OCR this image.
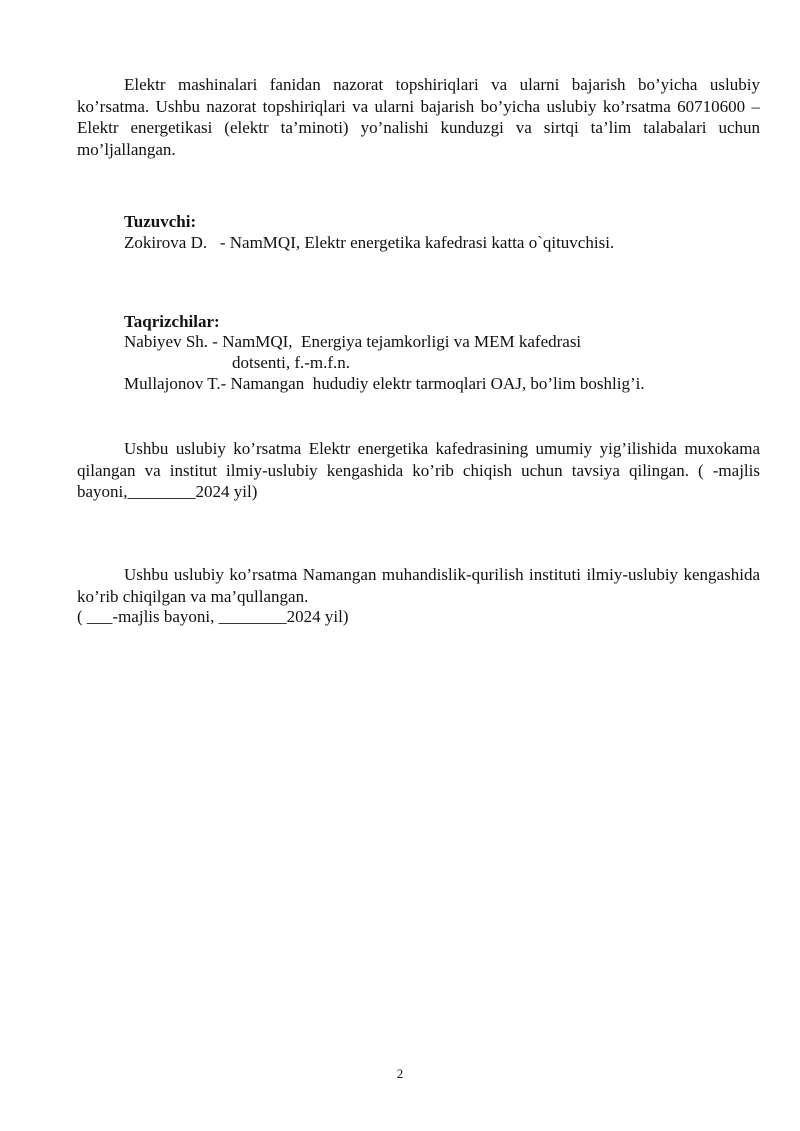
Elektr mashinalari fanidan nazorat topshiriqlari va ularni bajarish bo’yicha uslubiy ko’rsatma. Ushbu nazorat topshiriqlari va ularni bajarish bo’yicha uslubiy ko’rsatma 60710600 –Elektr energetikasi (elektr ta’minoti) yo’nalishi kunduzgi va sirtqi ta’lim talabalari uchun mo’ljallangan.

Tuzuvchi:
Zokirova D.   - NamMQI, Elektr energetika kafedrasi katta o`qituvchisi.
Taqrizchilar:
Nabiyev Sh. - NamMQI,  Energiya tejamkorligi va MEM kafedrasi
dotsenti, f.-m.f.n.
Mullajonov T.- Namangan  hududiy elektr tarmoqlari OAJ, bo’lim boshlig’i.

Ushbu uslubiy ko’rsatma Elektr energetika kafedrasining umumiy yig’ilishida muxokama qilangan va institut ilmiy-uslubiy kengashida ko’rib chiqish uchun tavsiya qilingan. ( -majlis bayoni,________2024 yil)

Ushbu uslubiy ko’rsatma Namangan muhandislik-qurilish instituti ilmiy-uslubiy kengashida ko’rib chiqilgan va ma’qullangan.

( ___-majlis bayoni, ________2024 yil)
2
